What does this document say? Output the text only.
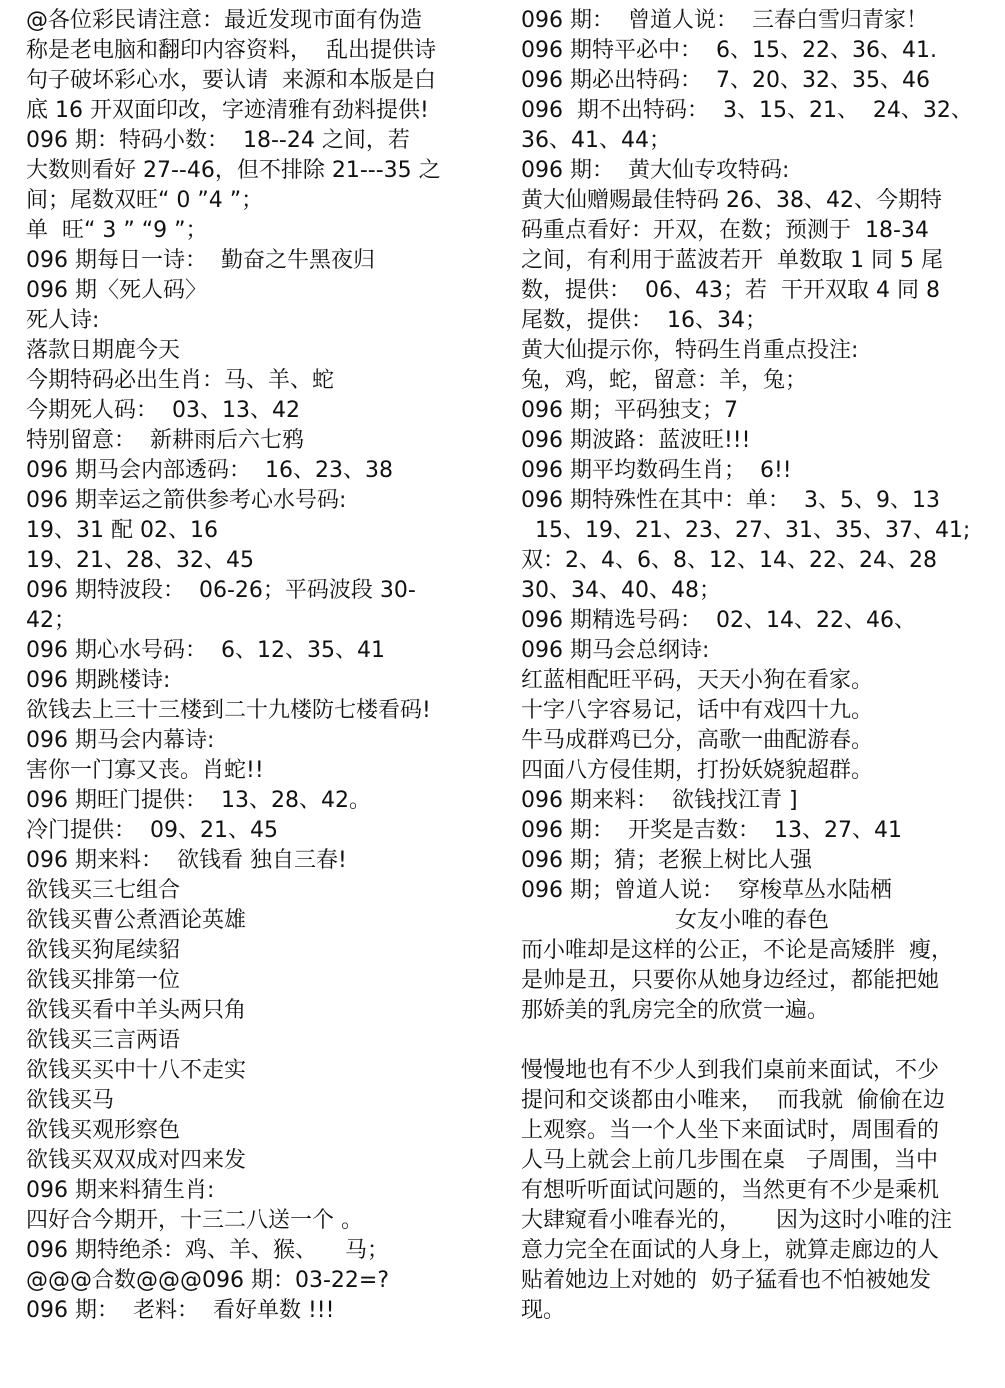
@各位彩民请注意：最近发现市面有伪造
称是老电脑和翻印内容资料，  乱出提供诗
句子破坏彩心水，要认请  来源和本版是白
底 16 开双面印改，字迹清雅有劲料提供!
096 期：特码小数：  18--24 之间，若
大数则看好 27--46，但不排除 21---35 之
间；尾数双旺“ 0 ”4 ”；
单  旺“ 3 ” “9 ”；
096 期每日一诗：  勤奋之牛黑夜归
096 期〈死人码〉
死人诗:
落款日期鹿今天
今期特码必出生肖：马、羊、蛇
今期死人码：  03、13、42
特别留意：  新耕雨后六七鸦
096 期马会内部透码：  16、23、38
096 期幸运之箭供参考心水号码:
19、31 配 02、16
19、21、28、32、45
096 期特波段：  06-26；平码波段 30-
42；
096 期心水号码：  6、12、35、41
096 期跳楼诗:
欲钱去上三十三楼到二十九楼防七楼看码!
096 期马会内幕诗:
害你一门寡又丧。肖蛇!!
096 期旺门提供：  13、28、42。
冷门提供：  09、21、45
096 期来料：  欲钱看 独自三春!
欲钱买三七组合
欲钱买曹公煮酒论英雄
欲钱买狗尾续貂
欲钱买排第一位
欲钱买看中羊头两只角
欲钱买三言两语
欲钱买买中十八不走实
欲钱买马
欲钱买观形察色
欲钱买双双成对四来发
096 期来料猜生肖:
四好合今期开，十三二八送一个 。
096 期特绝杀：鸡、羊、猴、    马；
@@@合数@@@096 期：03-22=?
096 期：  老料：  看好单数 !!!
096 期：  曾道人说：  三春白雪归青家！
096 期特平必中：  6、15、22、36、41.
096 期必出特码：  7、20、32、35、46
096  期不出特码：  3、15、21、  24、32、
36、41、44；
096 期：  黄大仙专攻特码:
黄大仙赠赐最佳特码 26、38、42、今期特
码重点看好：开双，在数；预测于  18-34
之间，有利用于蓝波若开  单数取 1 同 5 尾
数，提供：  06、43；若  干开双取 4 同 8
尾数，提供：  16、34；
黄大仙提示你，特码生肖重点投注:
兔，鸡，蛇，留意：羊，兔；
096 期；平码独支；7
096 期波路：蓝波旺!!!
096 期平均数码生肖；  6!!
096 期特殊性在其中：单：  3、5、9、13
15、19、21、23、27、31、35、37、41;
双：2、4、6、8、12、14、22、24、28
30、34、40、48；
096 期精选号码：  02、14、22、46、
096 期马会总纲诗:
红蓝相配旺平码，天天小狗在看家。
十字八字容易记，话中有戏四十九。
牛马成群鸡已分，高歌一曲配游春。
四面八方侵佳期，打扮妖娆貌超群。
096 期来料：  欲钱找江青 ]
096 期：  开奖是吉数：  13、27、41
096 期；猜；老猴上树比人强
096 期；曾道人说：  穿梭草丛水陆栖
女友小唯的春色
而小唯却是这样的公正，不论是高矮胖  瘦，
是帅是丑，只要你从她身边经过，都能把她
那娇美的乳房完全的欣赏一遍。
慢慢地也有不少人到我们桌前来面试，不少
提问和交谈都由小唯来，  而我就  偷偷在边
上观察。当一个人坐下来面试时，周围看的
人马上就会上前几步围在桌   子周围，当中
有想听听面试问题的，当然更有不少是乘机
大肆窥看小唯春光的，     因为这时小唯的注
意力完全在面试的人身上，就算走廊边的人
贴着她边上对她的  奶子猛看也不怕被她发
现。
